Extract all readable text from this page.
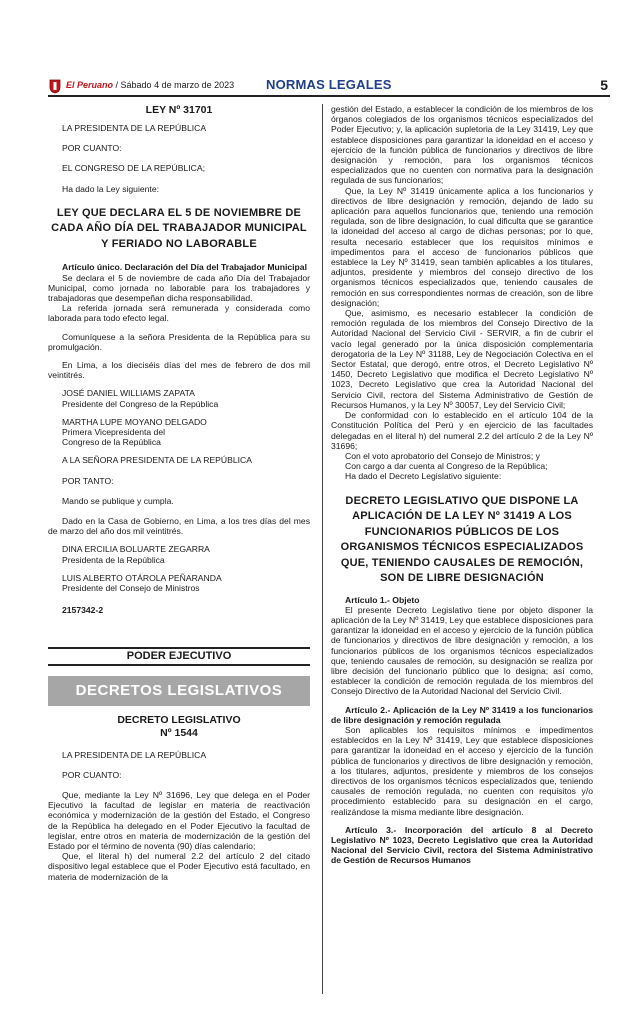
El Peruano / Sábado 4 de marzo de 2023 NORMAS LEGALES	5

LEY Nº 31701

LA PRESIDENTA DE LA REPÚBLICA

POR CUANTO:

EL CONGRESO DE LA REPÚBLICA;

Ha dado la Ley siguiente:

LEY QUE DECLARA EL 5 DE NOVIEMBRE DE CADA AÑO DÍA DEL TRABAJADOR MUNICIPAL Y FERIADO NO LABORABLE

Artículo único. Declaración del Día del Trabajador Municipal

Se declara el 5 de noviembre de cada año Día del Trabajador Municipal, como jornada no laborable para los trabajadores y trabajadoras que desempeñan dicha responsabilidad.

La referida jornada será remunerada y considerada como laborada para todo efecto legal.

Comuníquese a la señora Presidenta de la República para su promulgación.

En Lima, a los dieciséis días del mes de febrero de dos mil veintitrés.

JOSÉ DANIEL WILLIAMS ZAPATA

Presidente del Congreso de la República

MARTHA LUPE MOYANO DELGADO

Primera Vicepresidenta del

Congreso de la República

A LA SEÑORA PRESIDENTA DE LA REPÚBLICA

POR TANTO:

Mando se publique y cumpla.

Dado en la Casa de Gobierno, en Lima, a los tres días del mes de marzo del año dos mil veintitrés.

DINA ERCILIA BOLUARTE ZEGARRA

Presidenta de la República

LUIS ALBERTO OTÁROLA PEÑARANDA

Presidente del Consejo de Ministros

2157342-2

PODER EJECUTIVO
DECRETOS LEGISLATIVOS

DECRETO LEGISLATIVO

Nº 1544

LA PRESIDENTA DE LA REPÚBLICA

POR CUANTO:

Que, mediante la Ley Nº 31696, Ley que delega en el Poder Ejecutivo la facultad de legislar en materia de reactivación económica y modernización de la gestión del Estado, el Congreso de la República ha delegado en el Poder Ejecutivo la facultad de legislar, entre otros en materia de modernización de la gestión del Estado por el término de noventa (90) días calendario;

Que, el literal h) del numeral 2.2 del artículo 2 del citado dispositivo legal establece que el Poder Ejecutivo está facultado, en materia de modernización de la

gestión del Estado, a establecer la condición de los miembros de los órganos colegiados de los organismos técnicos especializados del Poder Ejecutivo; y, la aplicación supletoria de la Ley 31419, Ley que establece disposiciones para garantizar la idoneidad en el acceso y ejercicio de la función pública de funcionarios y directivos de libre designación y remoción, para los organismos técnicos especializados que no cuenten con normativa para la designación regulada de sus funcionarios;

Que, la Ley Nº 31419 únicamente aplica a los funcionarios y directivos de libre designación y remoción, dejando de lado su aplicación para aquellos funcionarios que, teniendo una remoción regulada, son de libre designación, lo cual dificulta que se garantice la idoneidad del acceso al cargo de dichas personas; por lo que, resulta necesario establecer que los requisitos mínimos e impedimentos para el acceso de funcionarios públicos que establece la Ley Nº 31419, sean también aplicables a los titulares, adjuntos, presidente y miembros del consejo directivo de los organismos técnicos especializados que, teniendo causales de remoción en sus correspondientes normas de creación, son de libre designación;

Que, asimismo, es necesario establecer la condición de remoción regulada de los miembros del Consejo Directivo de la Autoridad Nacional del Servicio Civil - SERVIR, a fin de cubrir el vacío legal generado por la única disposición complementaria derogatoria de la Ley Nº 31188, Ley de Negociación Colectiva en el Sector Estatal, que derogó, entre otros, el Decreto Legislativo Nº 1450, Decreto Legislativo que modifica el Decreto Legislativo Nº 1023, Decreto Legislativo que crea la Autoridad Nacional del Servicio Civil, rectora del Sistema Administrativo de Gestión de Recursos Humanos, y la Ley Nº 30057, Ley del Servicio Civil;

De conformidad con lo establecido en el artículo 104 de la Constitución Política del Perú y en ejercicio de las facultades delegadas en el literal h) del numeral 2.2 del artículo 2 de la Ley Nº 31696;

Con el voto aprobatorio del Consejo de Ministros; y

Con cargo a dar cuenta al Congreso de la República;

Ha dado el Decreto Legislativo siguiente:

DECRETO LEGISLATIVO QUE DISPONE LA APLICACIÓN DE LA LEY Nº 31419 A LOS FUNCIONARIOS PÚBLICOS DE LOS ORGANISMOS TÉCNICOS ESPECIALIZADOS QUE, TENIENDO CAUSALES DE REMOCIÓN, SON DE LIBRE DESIGNACIÓN

Artículo 1.- Objeto

El presente Decreto Legislativo tiene por objeto disponer la aplicación de la Ley Nº 31419, Ley que establece disposiciones para garantizar la idoneidad en el acceso y ejercicio de la función pública de funcionarios y directivos de libre designación y remoción, a los funcionarios públicos de los organismos técnicos especializados que, teniendo causales de remoción, su designación se realiza por libre decisión del funcionario público que lo designa; así como, establecer la condición de remoción regulada de los miembros del Consejo Directivo de la Autoridad Nacional del Servicio Civil.

Artículo 2.- Aplicación de la Ley Nº 31419 a los funcionarios de libre designación y remoción regulada

Son aplicables los requisitos mínimos e impedimentos establecidos en la Ley Nº 31419, Ley que establece disposiciones para garantizar la idoneidad en el acceso y ejercicio de la función pública de funcionarios y directivos de libre designación y remoción, a los titulares, adjuntos, presidente y miembros de los consejos directivos de los organismos técnicos especializados que, teniendo causales de remoción regulada, no cuenten con requisitos y/o procedimiento establecido para su designación en el cargo, realizándose la misma mediante libre designación.

Artículo 3.- Incorporación del artículo 8 al Decreto Legislativo Nº 1023, Decreto Legislativo que crea la Autoridad Nacional del Servicio Civil, rectora del Sistema Administrativo de Gestión de Recursos Humanos
